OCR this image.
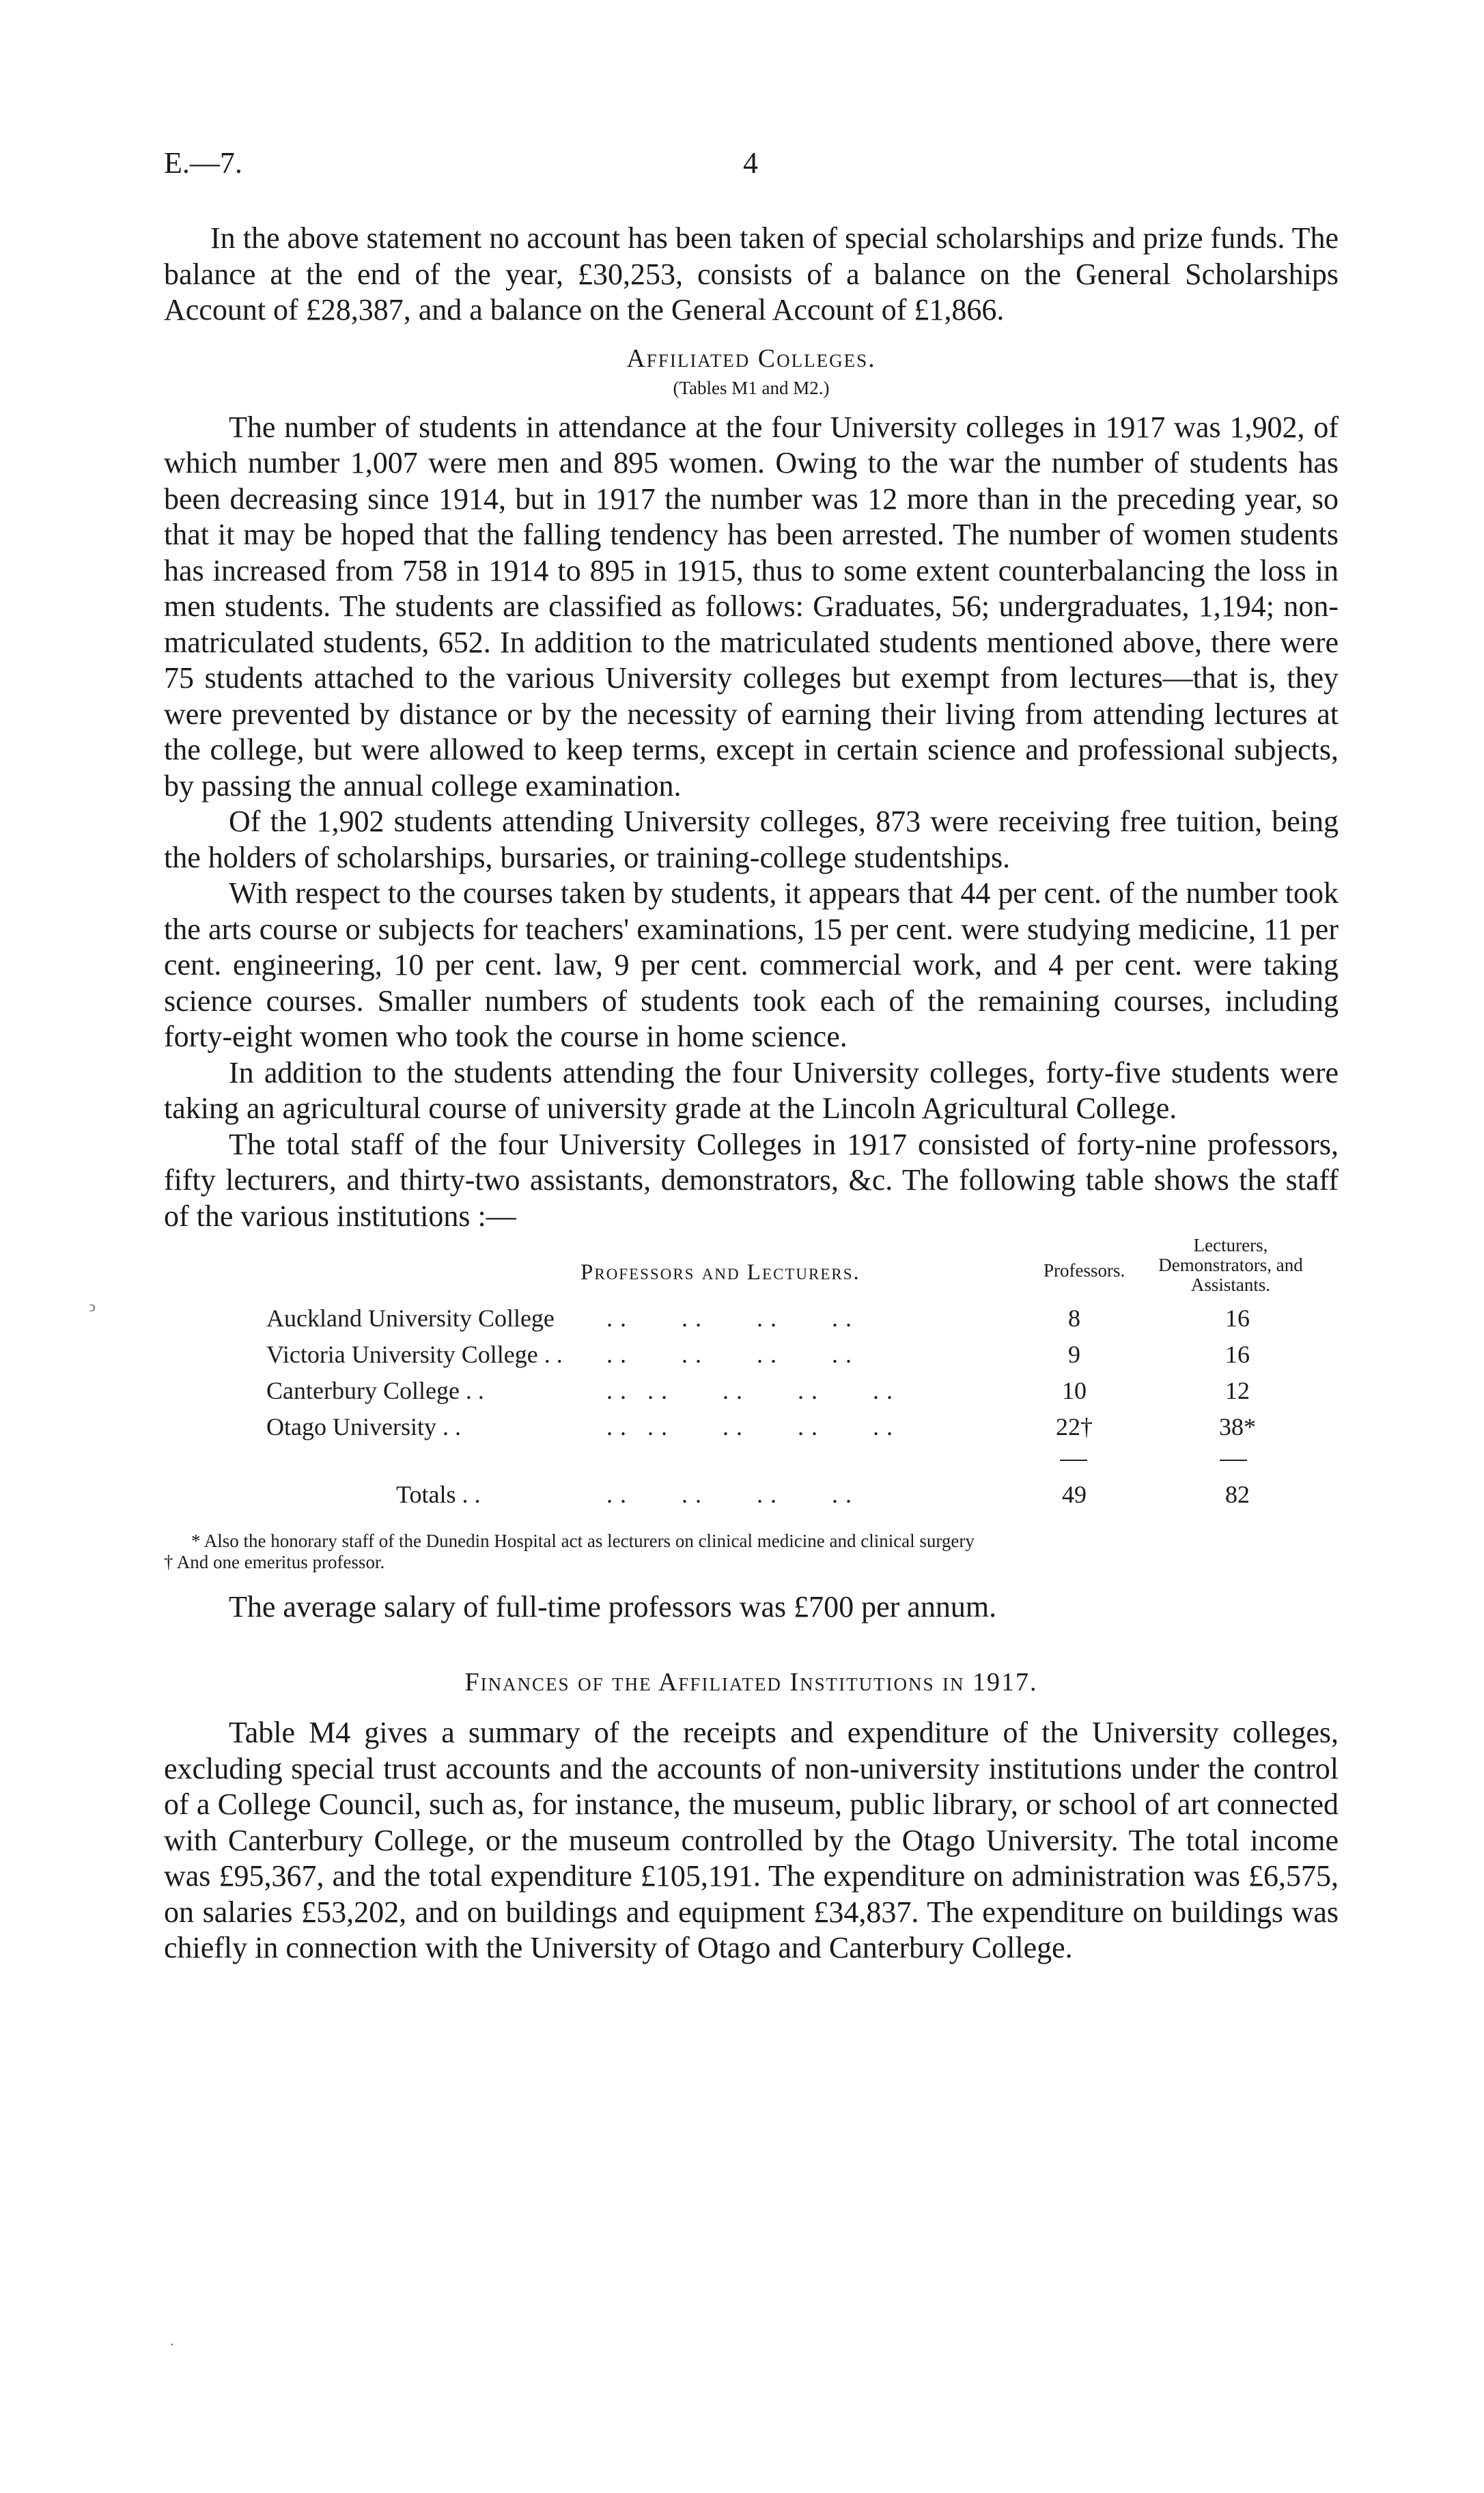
E.—7.	4

In the above statement no account has been taken of special scholarships and prize funds. The balance at the end of the year, £30,253, consists of a balance on the General Scholarships Account of £28,387, and a balance on the General Account of £1,866.

Affiliated Colleges.
(Tables M1 and M2.)

The number of students in attendance at the four University colleges in 1917 was 1,902, of which number 1,007 were men and 895 women. Owing to the war the number of students has been decreasing since 1914, but in 1917 the number was 12 more than in the preceding year, so that it may be hoped that the falling tendency has been arrested. The number of women students has increased from 758 in 1914 to 895 in 1915, thus to some extent counterbalancing the loss in men students. The students are classified as follows: Graduates, 56; undergraduates, 1,194; non-matriculated students, 652. In addition to the matriculated students mentioned above, there were 75 students attached to the various University colleges but exempt from lectures—that is, they were prevented by distance or by the necessity of earning their living from attending lectures at the college, but were allowed to keep terms, except in certain science and professional subjects, by passing the annual college examination.

Of the 1,902 students attending University colleges, 873 were receiving free tuition, being the holders of scholarships, bursaries, or training-college studentships.

With respect to the courses taken by students, it appears that 44 per cent. of the number took the arts course or subjects for teachers' examinations, 15 per cent. were studying medicine, 11 per cent. engineering, 10 per cent. law, 9 per cent. commercial work, and 4 per cent. were taking science courses. Smaller numbers of students took each of the remaining courses, including forty-eight women who took the course in home science.

In addition to the students attending the four University colleges, forty-five students were taking an agricultural course of university grade at the Lincoln Agricultural College.

The total staff of the four University Colleges in 1917 consisted of forty-nine professors, fifty lecturers, and thirty-two assistants, demonstrators, &c. The following table shows the staff of the various institutions :—

Professors and Lecturers.	Professors.
Lecturers, Demonstrators, and Assistants.
Auckland University College . .        . .        . .        . .	8	16
Victoria University College . . . .        . .        . .        . .	9	16
Canterbury College . .	. .   . .        . .        . .        . .	10	12
Otago University . .	. .   . .        . .        . .        . .	22†	38*
Totals . .	. .        . .        . .        . .	49	82
* Also the honorary staff of the Dunedin Hospital act as lecturers on clinical medicine and clinical surgery
† And one emeritus professor.

The average salary of full-time professors was £700 per annum.

Finances of the Affiliated Institutions in 1917.

Table M4 gives a summary of the receipts and expenditure of the University colleges, excluding special trust accounts and the accounts of non-university institutions under the control of a College Council, such as, for instance, the museum, public library, or school of art connected with Canterbury College, or the museum controlled by the Otago University. The total income was £95,367, and the total expenditure £105,191. The expenditure on administration was £6,575, on salaries £53,202, and on buildings and equipment £34,837. The expenditure on buildings was chiefly in connection with the University of Otago and Canterbury College.

ↄ
·
